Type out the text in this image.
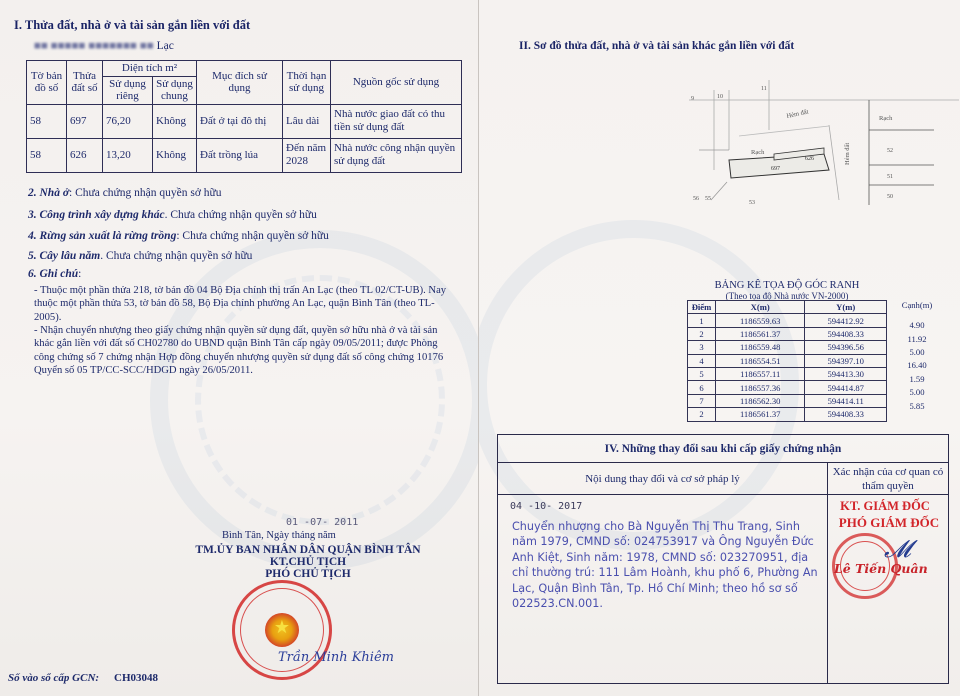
I. Thửa đất, nhà ở và tài sản gắn liền với đất
■■ ■■■■■ ■■■■■■■ ■■ Lạc
Tờ bản đồ số	Thửa đất số	Diện tích m²		Mục đích sử dụng	Thời hạn sử dụng	Nguồn gốc sử dụng
		Sử dụng riêng	Sử dụng chung			
58	697	76,20	Không	Đất ở tại đô thị	Lâu dài	Nhà nước giao đất có thu tiền sử dụng đất
58	626	13,20	Không	Đất trồng lúa	Đến năm 2028	Nhà nước công nhận quyền sử dụng đất
2. Nhà ở: Chưa chứng nhận quyền sở hữu
3. Công trình xây dựng khác. Chưa chứng nhận quyền sở hữu
4. Rừng sản xuất là rừng trồng: Chưa chứng nhận quyền sở hữu
5. Cây lâu năm. Chưa chứng nhận quyền sở hữu
6. Ghi chú:
- Thuộc một phần thửa 218, tờ bản đồ 04 Bộ Địa chính thị trấn An Lạc (theo TL 02/CT-UB). Nay thuộc một phần thửa 53, tờ bản đồ 58, Bộ Địa chính phường An Lạc, quận Bình Tân (theo TL-2005).
- Nhận chuyển nhượng theo giấy chứng nhận quyền sử dụng đất, quyền sở hữu nhà ở và tài sản khác gắn liền với đất số CH02780 do UBND quận Bình Tân cấp ngày 09/05/2011; được Phòng công chứng số 7 chứng nhận Hợp đồng chuyển nhượng quyền sử dụng đất số công chứng 10176 Quyển số 05 TP/CC-SCC/HDGD ngày 26/05/2011.
01 -07- 2011
Bình Tân, Ngày tháng năm
TM.ỦY BAN NHÂN DÂN QUẬN BÌNH TÂN
KT.CHỦ TỊCH
PHÓ CHỦ TỊCH
★
Trần Minh Khiêm
Số vào sổ cấp GCN: CH03048
II. Sơ đồ thửa đất, nhà ở và tài sản khác gắn liền với đất
9	10
11
Hẻm đất	Rạch
Rạch	Hẻm đất
626
697
52
51
50
56 55
53
BẢNG KÊ TỌA ĐỘ GÓC RANH
(Theo tọa độ Nhà nước VN-2000)
Điểm	X(m)	Y(m)
1	1186559.63	594412.92
2	1186561.37	594408.33
3	1186559.48	594396.56
4	1186554.51	594397.10
5	1186557.11	594413.30
6	1186557.36	594414.87
7	1186562.30	594414.11
2	1186561.37	594408.33
Cạnh(m)
4.90
11.92
5.00
16.40
1.59
5.00
5.85
IV. Những thay đổi sau khi cấp giấy chứng nhận
Nội dung thay đổi và cơ sở pháp lý
Xác nhận của cơ quan có thẩm quyền
04 -10- 2017
Chuyển nhượng cho Bà Nguyễn Thị Thu Trang, Sinh năm 1979, CMND số: 024753917 và Ông Nguyễn Đức Anh Kiệt, Sinh năm: 1978, CMND số: 023270951, địa chỉ thường trú: 111 Lâm Hoành, khu phố 6, Phường An Lạc, Quận Bình Tân, Tp. Hồ Chí Minh; theo hồ sơ số 022523.CN.001.
KT. GIÁM ĐỐC
PHÓ GIÁM ĐỐC
𝓜
Lê Tiến Quân
